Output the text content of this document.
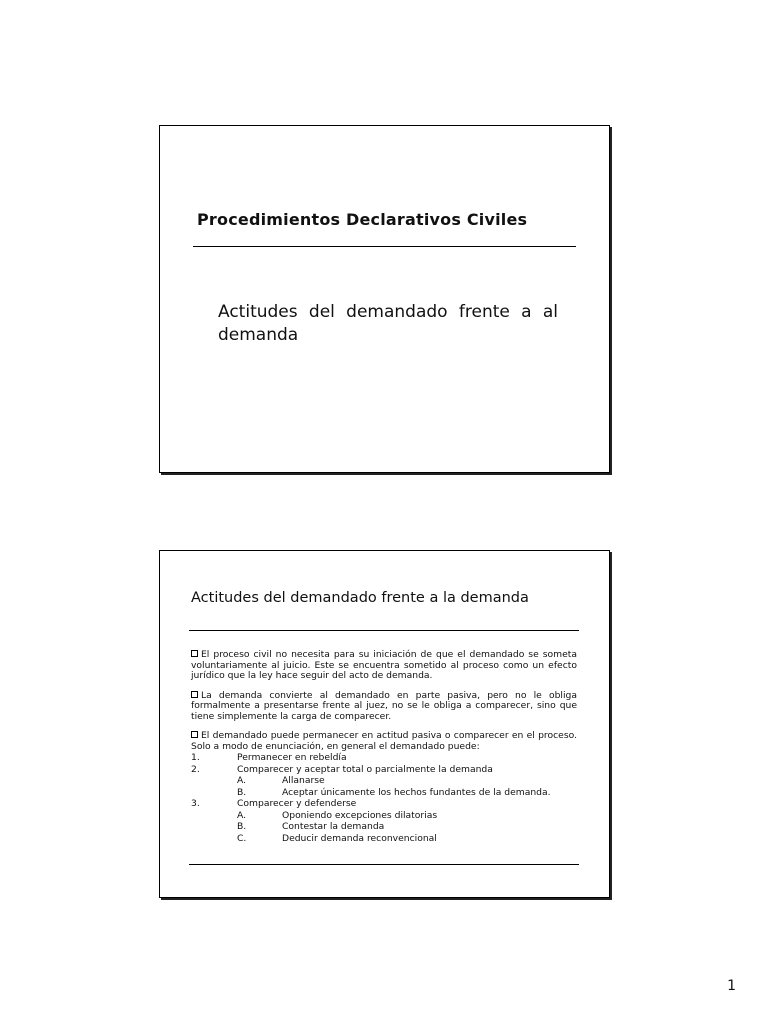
Procedimientos Declarativos Civiles
Actitudes del demandado frente a al demanda
Actitudes del demandado frente a la demanda

El proceso civil no necesita para su iniciación de que el demandado se someta voluntariamente al juicio. Este se encuentra sometido al proceso como un efecto jurídico que la ley hace seguir del acto de demanda.

La demanda convierte al demandado en parte pasiva, pero no le obliga formalmente a presentarse frente al juez, no se le obliga a comparecer, sino que tiene simplemente la carga de comparecer.

El demandado puede permanecer en actitud pasiva o comparecer en el proceso. Solo a modo de enunciación, en general el demandado puede:

1.	Permanecer en rebeldía
2.	Comparecer y aceptar total o parcialmente la demanda
A.	Allanarse
B.	Aceptar únicamente los hechos fundantes de la demanda.
3.	Comparecer y defenderse
A.	Oponiendo excepciones dilatorias
B.	Contestar la demanda
C.	Deducir demanda reconvencional
1
